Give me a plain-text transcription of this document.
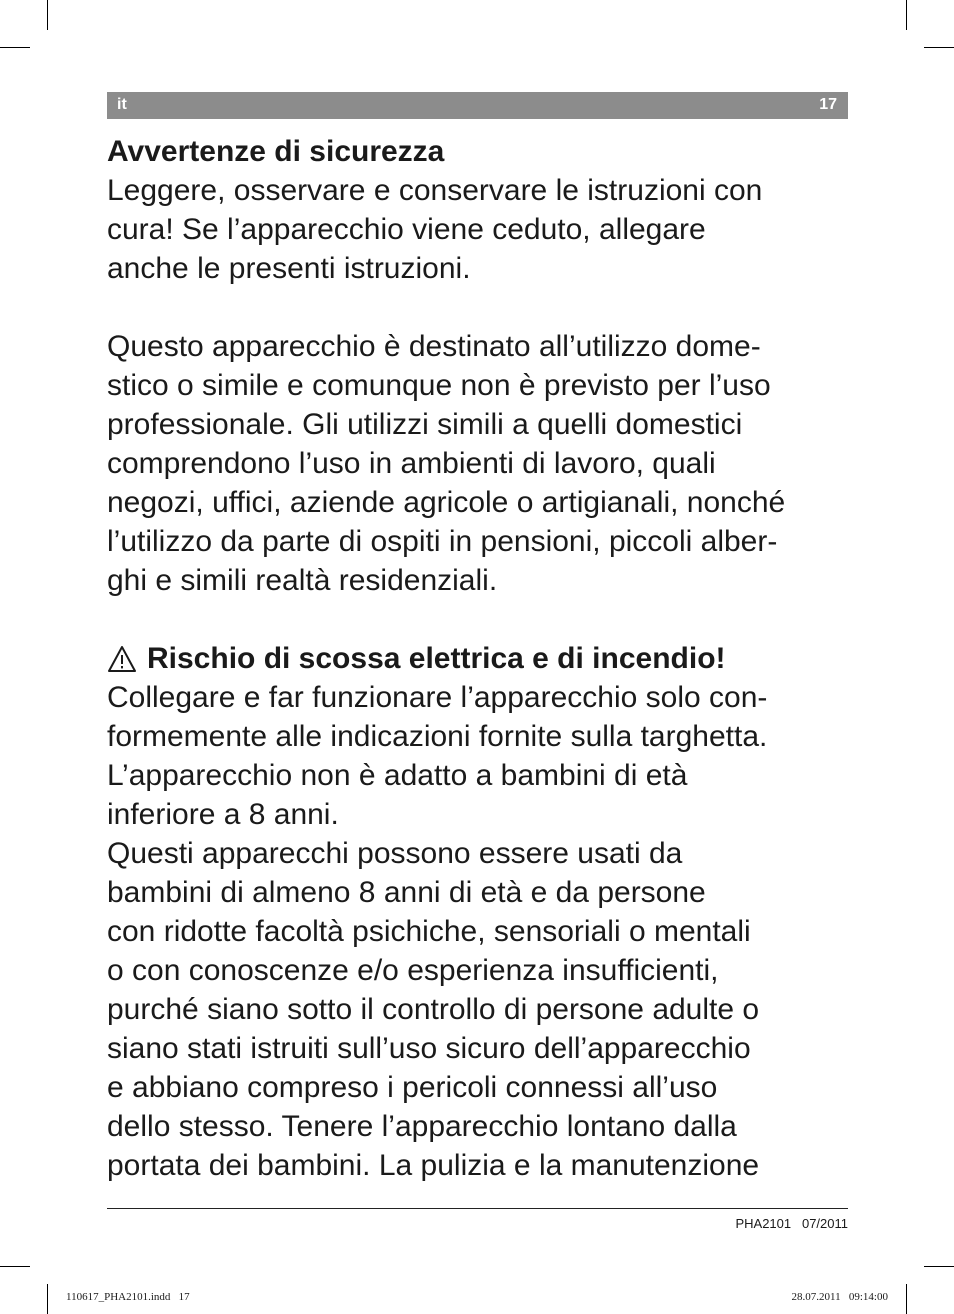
it	17

Avvertenze di sicurezza

Leggere, osservare e conservare le istruzioni con

cura! Se l’apparecchio viene ceduto, allegare

anche le presenti istruzioni.

Questo apparecchio è destinato all’utilizzo dome-

stico o simile e comunque non è previsto per l’uso

professionale. Gli utilizzi simili a quelli domestici

comprendono l’uso in ambienti di lavoro, quali

negozi, uffici, aziende agricole o artigianali, nonché

l’utilizzo da parte di ospiti in pensioni, piccoli alber-

ghi e simili realtà residenziali.

Rischio di scossa elettrica e di incendio!

Collegare e far funzionare l’apparecchio solo con-

formemente alle indicazioni fornite sulla targhetta.

L’apparecchio non è adatto a bambini di età

inferiore a 8 anni.

Questi apparecchi possono essere usati da

bambini di almeno 8 anni di età e da persone

con ridotte facoltà psichiche, sensoriali o mentali

o con conoscenze e/o esperienza insufficienti,

purché siano sotto il controllo di persone adulte o

siano stati istruiti sull’uso sicuro dell’apparecchio

e abbiano compreso i pericoli connessi all’uso

dello stesso. Tenere l’apparecchio lontano dalla

portata dei bambini. La pulizia e la manutenzione

PHA2101 07/2011
110617_PHA2101.indd   17	28.07.2011   09:14:00
